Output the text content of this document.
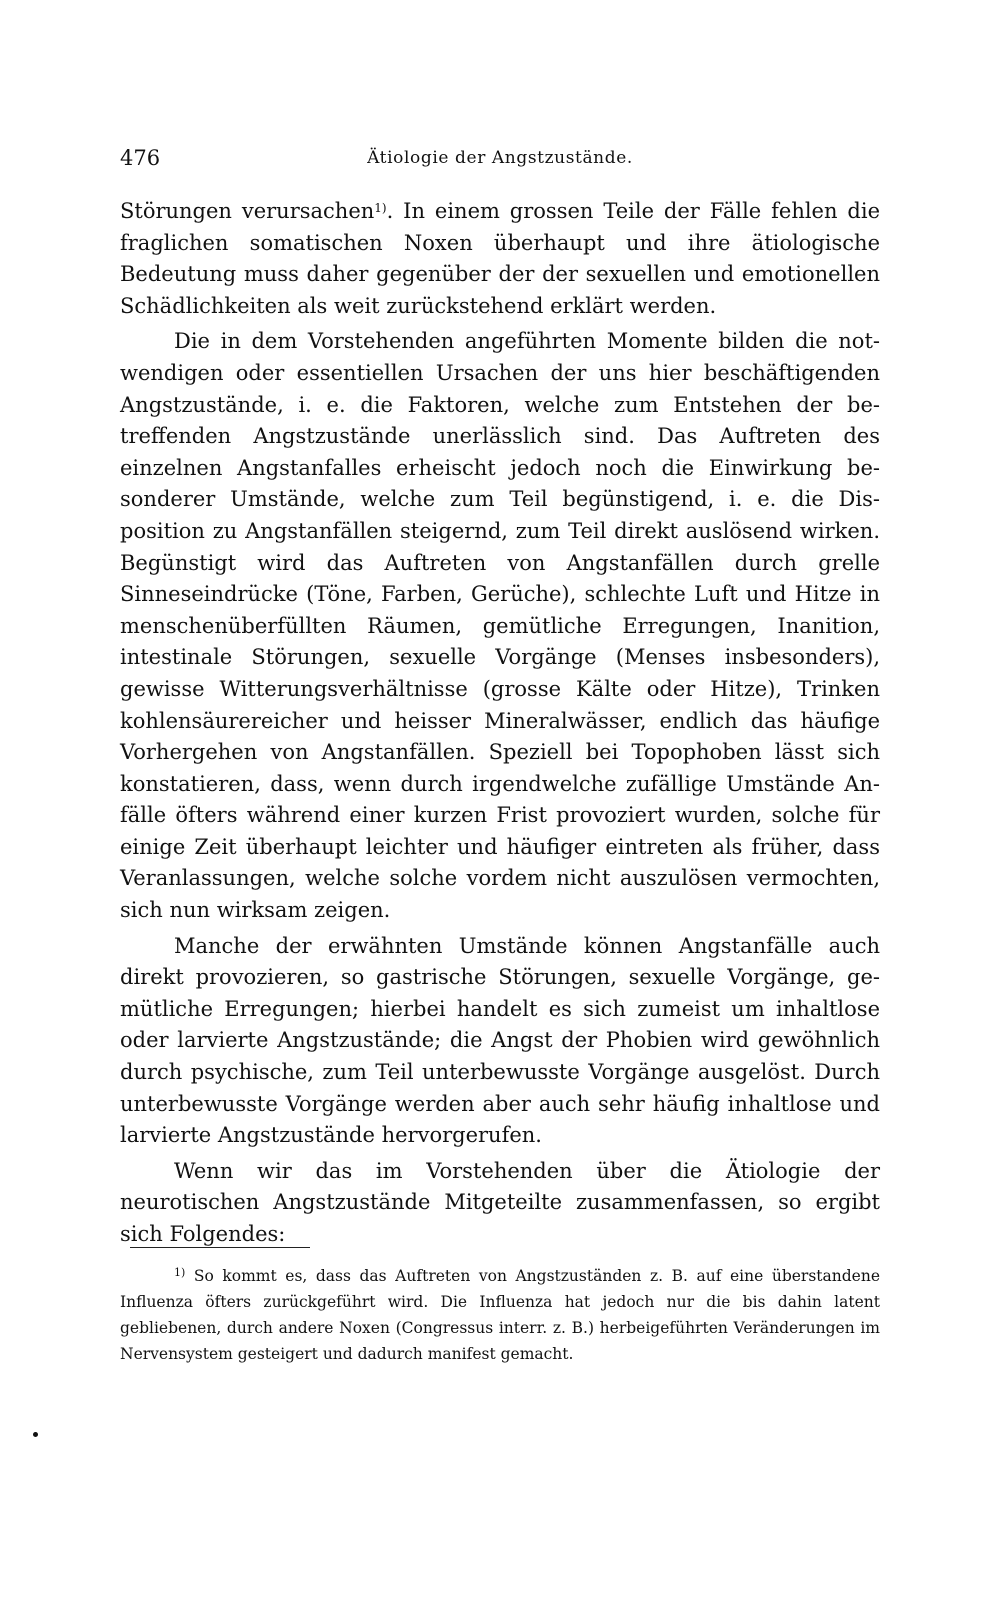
476	Ätiologie der Angstzustände.

Störungen verursachen$^{1)}$. In einem grossen Teile der Fälle fehlen die fraglichen somatischen Noxen überhaupt und ihre ätiologische Bedeutung muss daher gegenüber der der sexuellen und emotionellen Schädlichkeiten als weit zurückstehend erklärt werden.

Die in dem Vorstehenden angeführten Momente bilden die notwendigen oder essentiellen Ursachen der uns hier beschäftigenden Angstzustände, i. e. die Faktoren, welche zum Entstehen der betreffenden Angstzustände unerlässlich sind. Das Auftreten des einzelnen Angstanfalles erheischt jedoch noch die Einwirkung besonderer Umstände, welche zum Teil begünstigend, i. e. die Disposition zu Angstanfällen steigernd, zum Teil direkt auslösend wirken. Begünstigt wird das Auftreten von Angstanfällen durch grelle Sinneseindrücke (Töne, Farben, Gerüche), schlechte Luft und Hitze in menschenüberfüllten Räumen, gemütliche Erregungen, Inanition, intestinale Störungen, sexuelle Vorgänge (Menses insbesonders), gewisse Witterungsverhältnisse (grosse Kälte oder Hitze), Trinken kohlensäurereicher und heisser Mineralwässer, endlich das häufige Vorhergehen von Angstanfällen. Speziell bei Topophoben lässt sich konstatieren, dass, wenn durch irgendwelche zufällige Umstände Anfälle öfters während einer kurzen Frist provoziert wurden, solche für einige Zeit überhaupt leichter und häufiger eintreten als früher, dass Veranlassungen, welche solche vordem nicht auszulösen vermochten, sich nun wirksam zeigen.

Manche der erwähnten Umstände können Angstanfälle auch direkt provozieren, so gastrische Störungen, sexuelle Vorgänge, gemütliche Erregungen; hierbei handelt es sich zumeist um inhaltlose oder larvierte Angstzustände; die Angst der Phobien wird gewöhnlich durch psychische, zum Teil unterbewusste Vorgänge ausgelöst. Durch unterbewusste Vorgänge werden aber auch sehr häufig inhaltlose und larvierte Angstzustände hervorgerufen.

Wenn wir das im Vorstehenden über die Ätiologie der neurotischen Angstzustände Mitgeteilte zusammenfassen, so ergibt sich Folgendes:

$^{1)}$ So kommt es, dass das Auftreten von Angstzuständen z. B. auf eine überstandene Influenza öfters zurückgeführt wird. Die Influenza hat jedoch nur die bis dahin latent gebliebenen, durch andere Noxen (Congressus interr. z. B.) herbeigeführten Veränderungen im Nervensystem gesteigert und dadurch manifest gemacht.
